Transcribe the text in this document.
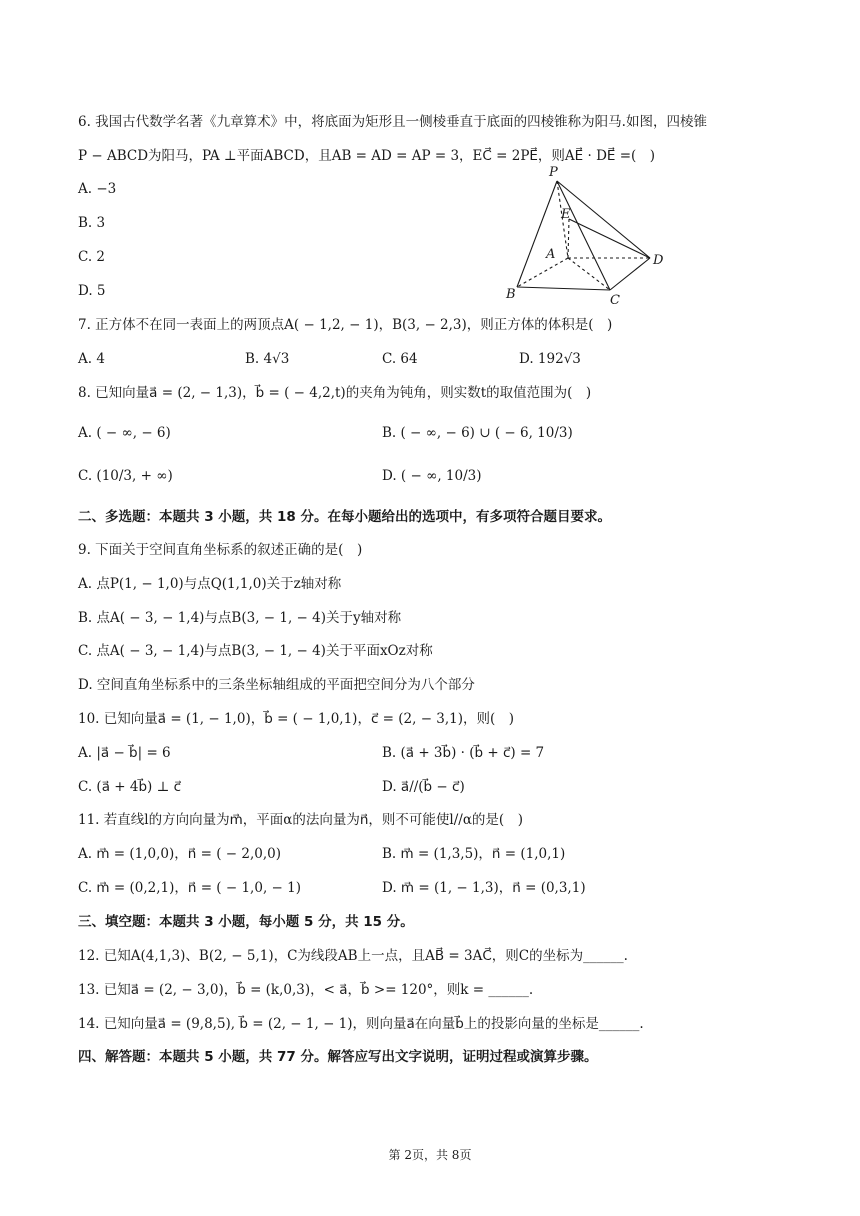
6. 我国古代数学名著《九章算术》中，将底面为矩形且一侧棱垂直于底面的四棱锥称为阳马.如图，四棱锥
P − ABCD为阳马，PA ⊥平面ABCD，且AB = AD = AP = 3，EC⃗ = 2PE⃗，则AE⃗ · DE⃗ =(　)
A. −3
B. 3
C. 2
D. 5
P
E
A	D
B	C
7. 正方体不在同一表面上的两顶点A( − 1,2, − 1)，B(3, − 2,3)，则正方体的体积是(　)
A. 4	B. 4√3	C. 64	D. 192√3
8. 已知向量a⃗ = (2, − 1,3)，b⃗ = ( − 4,2,t)的夹角为钝角，则实数t的取值范围为(　)
A. ( − ∞, − 6)	B. ( − ∞, − 6) ∪ ( − 6, 10/3)
C. (10/3, + ∞)	D. ( − ∞, 10/3)
二、多选题：本题共 3 小题，共 18 分。在每小题给出的选项中，有多项符合题目要求。
9. 下面关于空间直角坐标系的叙述正确的是(　)
A. 点P(1, − 1,0)与点Q(1,1,0)关于z轴对称
B. 点A( − 3, − 1,4)与点B(3, − 1, − 4)关于y轴对称
C. 点A( − 3, − 1,4)与点B(3, − 1, − 4)关于平面xOz对称
D. 空间直角坐标系中的三条坐标轴组成的平面把空间分为八个部分
10. 已知向量a⃗ = (1, − 1,0)，b⃗ = ( − 1,0,1)，c⃗ = (2, − 3,1)，则(　)
A. |a⃗ − b⃗| = 6	B. (a⃗ + 3b⃗) · (b⃗ + c⃗) = 7
C. (a⃗ + 4b⃗) ⊥ c⃗	D. a⃗//(b⃗ − c⃗)
11. 若直线l的方向向量为m⃗，平面α的法向量为n⃗，则不可能使l//α的是(　)
A. m⃗ = (1,0,0)，n⃗ = ( − 2,0,0)	B. m⃗ = (1,3,5)，n⃗ = (1,0,1)
C. m⃗ = (0,2,1)，n⃗ = ( − 1,0, − 1)	D. m⃗ = (1, − 1,3)，n⃗ = (0,3,1)
三、填空题：本题共 3 小题，每小题 5 分，共 15 分。
12. 已知A(4,1,3)、B(2, − 5,1)，C为线段AB上一点，且AB⃗ = 3AC⃗，则C的坐标为______.
13. 已知a⃗ = (2, − 3,0)，b⃗ = (k,0,3)，< a⃗，b⃗ >= 120°，则k = ______.
14. 已知向量a⃗ = (9,8,5), b⃗ = (2, − 1, − 1)，则向量a⃗在向量b⃗上的投影向量的坐标是______.
四、解答题：本题共 5 小题，共 77 分。解答应写出文字说明，证明过程或演算步骤。
第 2页，共 8页
